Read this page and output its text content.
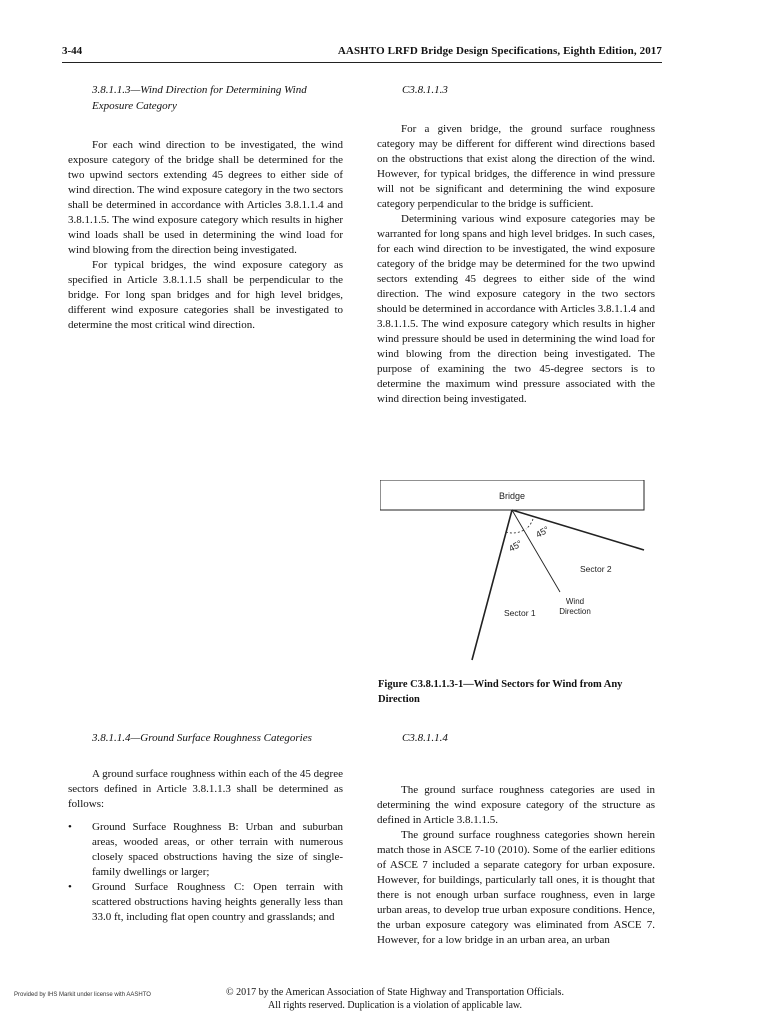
3-44	AASHTO LRFD Bridge Design Specifications, Eighth Edition, 2017
3.8.1.1.3—Wind Direction for Determining Wind Exposure Category

For each wind direction to be investigated, the wind exposure category of the bridge shall be determined for the two upwind sectors extending 45 degrees to either side of wind direction. The wind exposure category in the two sectors shall be determined in accordance with Articles 3.8.1.1.4 and 3.8.1.1.5. The wind exposure category which results in higher wind loads shall be used in determining the wind load for wind blowing from the direction being investigated.

For typical bridges, the wind exposure category as specified in Article 3.8.1.1.5 shall be perpendicular to the bridge. For long span bridges and for high level bridges, different wind exposure categories shall be investigated to determine the most critical wind direction.

C3.8.1.1.3

For a given bridge, the ground surface roughness category may be different for different wind directions based on the obstructions that exist along the direction of the wind. However, for typical bridges, the difference in wind pressure will not be significant and determining the wind exposure category perpendicular to the bridge is sufficient.

Determining various wind exposure categories may be warranted for long spans and high level bridges. In such cases, for each wind direction to be investigated, the wind exposure category of the bridge may be determined for the two upwind sectors extending 45 degrees to either side of the wind direction. The wind exposure category in the two sectors should be determined in accordance with Articles 3.8.1.1.4 and 3.8.1.1.5. The wind exposure category which results in higher wind pressure should be used in determining the wind load for wind blowing from the direction being investigated. The purpose of examining the two 45-degree sectors is to determine the maximum wind pressure associated with the wind direction being investigated.

Bridge
45°
45°
Sector 2
Wind
Direction
Sector 1
Figure C3.8.1.1.3-1—Wind Sectors for Wind from Any Direction
3.8.1.1.4—Ground Surface Roughness Categories

A ground surface roughness within each of the 45 degree sectors defined in Article 3.8.1.1.3 shall be determined as follows:

• Ground Surface Roughness B: Urban and suburban areas, wooded areas, or other terrain with numerous closely spaced obstructions having the size of single-family dwellings or larger;
• Ground Surface Roughness C: Open terrain with scattered obstructions having heights generally less than 33.0 ft, including flat open country and grasslands; and
C3.8.1.1.4

The ground surface roughness categories are used in determining the wind exposure category of the structure as defined in Article 3.8.1.1.5.

The ground surface roughness categories shown herein match those in ASCE 7-10 (2010). Some of the earlier editions of ASCE 7 included a separate category for urban exposure. However, for buildings, particularly tall ones, it is thought that there is not enough urban surface roughness, even in large urban areas, to develop true urban exposure conditions. Hence, the urban exposure category was eliminated from ASCE 7. However, for a low bridge in an urban area, an urban

Provided by IHS Markit under license with AASHTO	© 2017 by the American Association of State Highway and Transportation Officials.
All rights reserved. Duplication is a violation of applicable law.
